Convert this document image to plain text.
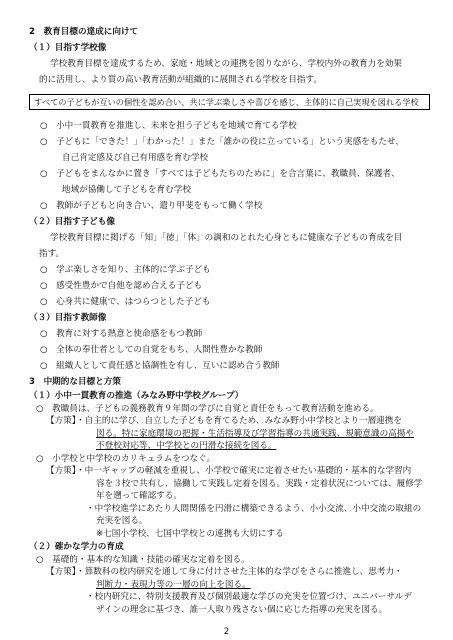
2　教育目標の達成に向けて
（１）目指す学校像
学校教育目標を達成するため、家庭・地域との連携を図りながら、学校内外の教育力を効果
的に活用し、より質の高い教育活動が組織的に展開される学校を目指す。
すべての子どもが互いの個性を認め合い、共に学ぶ楽しさや喜びを感じ、主体的に自己実現を図れる学校
○　小中一貫教育を推進し、未来を担う子どもを地域で育てる学校
○　子どもに「できた！」「わかった！」また「誰かの役に立っている」という実感をもたせ、
自己肯定感及び自己有用感を育む学校
○　子どもをまんなかに置き「すべては子どもたちのために」を合言葉に、教職員、保護者、
地域が協働して子どもを育む学校
○　教師が子どもと向き合い、遣り甲斐をもって働く学校
（２）目指す子ども像
学校教育目標に掲げる「知」「徳」「体」の調和のとれた心身ともに健康な子どもの育成を目
指す。
○　学ぶ楽しさを知り、主体的に学ぶ子ども
○　感受性豊かで自他を認め合える子ども
○　心身共に健康で、はつらつとした子ども
（３）目指す教師像
○　教育に対する熱意と使命感をもつ教師
○　全体の奉仕者としての自覚をもち、人間性豊かな教師
○　組織人として責任感と協調性を有し、互いに認め合う教師
3　中期的な目標と方策
（１）小中一貫教育の推進（みなみ野中学校グループ）
○　教職員は、子どもの義務教育９年間の学びに自覚と責任をもって教育活動を進める。
【方策】・自主的に学び、自立した子どもを育てるため、みなみ野小中学校とより一層連携を
図る。特に家庭環境の把握・生活指導及び学習指導の共通実践、規範意識の高揚や
不登校対応等、中学校との円滑な接続を図る。
○　小学校と中学校のカリキュラムをつなぐ。
【方策】・中一ギャップの軽減を重視し、小学校で確実に定着させたい基礎的・基本的な学習内
容を３校で共有し、協働して実践し定着を図る。実践・定着状況については、履修学
年を遡って確認する。
・中学校進学にあたり人間関係を円滑に構築できるよう、小小交流、小中交流の取組の
充実を図る。
※七国小学校、七国中学校との連携も大切にする
2
（２）確かな学力の育成
○　基礎的・基本的な知識・技能の確実な定着を図る。
【方策】・算数科の校内研究を通して身に付けさせた主体的な学びをさらに推進し、思考力・
判断力・表現力等の一層の向上を図る。
・校内研究に、特別支援教育及び個別最適な学びの充実を位置づけ、ユニバーサルデ
ザインの理念に基づき、誰一人取り残さない個に応じた指導の充実を図る。
